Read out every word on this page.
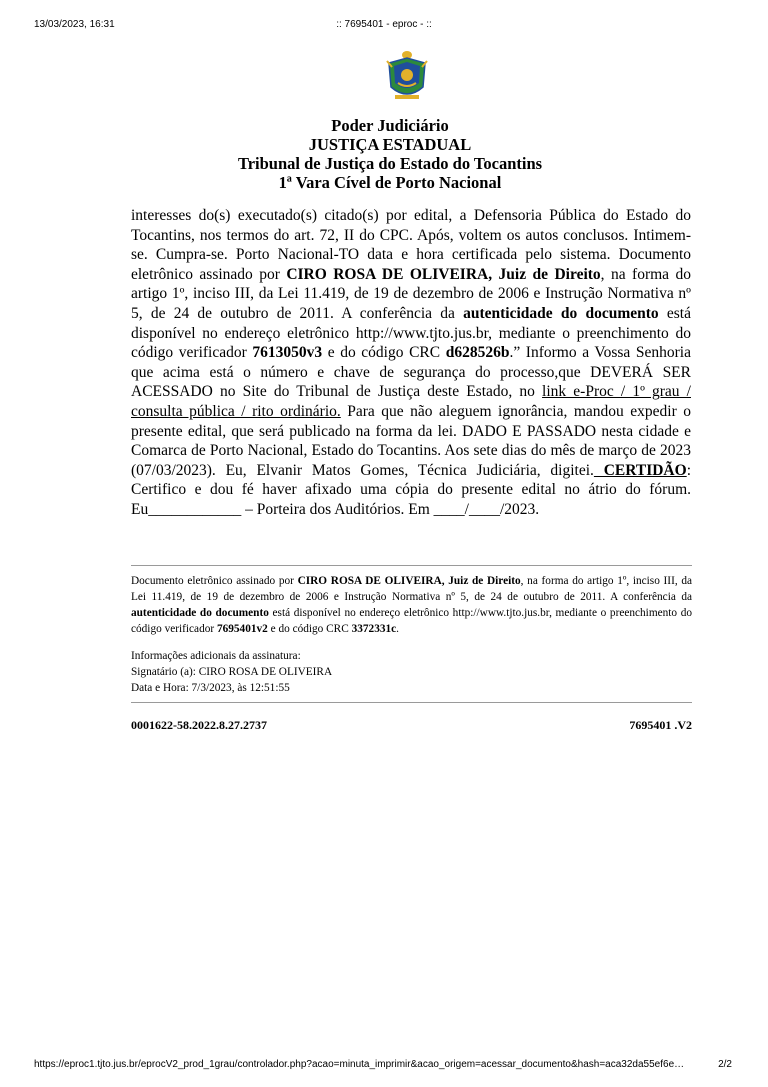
13/03/2023, 16:31	:: 7695401 - eproc - ::
Poder Judiciário
JUSTIÇA ESTADUAL
Tribunal de Justiça do Estado do Tocantins
1ª Vara Cível de Porto Nacional
interesses do(s) executado(s) citado(s) por edital, a Defensoria Pública do Estado do Tocantins, nos termos do art. 72, II do CPC. Após, voltem os autos conclusos. Intimem-se. Cumpra-se. Porto Nacional-TO data e hora certificada pelo sistema. Documento eletrônico assinado por CIRO ROSA DE OLIVEIRA, Juiz de Direito, na forma do artigo 1º, inciso III, da Lei 11.419, de 19 de dezembro de 2006 e Instrução Normativa nº 5, de 24 de outubro de 2011. A conferência da autenticidade do documento está disponível no endereço eletrônico http://www.tjto.jus.br, mediante o preenchimento do código verificador 7613050v3 e do código CRC d628526b.” Informo a Vossa Senhoria que acima está o número e chave de segurança do processo,que DEVERÁ SER ACESSADO no Site do Tribunal de Justiça deste Estado, no link e-Proc / 1º grau / consulta pública / rito ordinário. Para que não aleguem ignorância, mandou expedir o presente edital, que será publicado na forma da lei. DADO E PASSADO nesta cidade e Comarca de Porto Nacional, Estado do Tocantins. Aos sete dias do mês de março de 2023 (07/03/2023). Eu, Elvanir Matos Gomes, Técnica Judiciária, digitei. CERTIDÃO: Certifico e dou fé haver afixado uma cópia do presente edital no átrio do fórum. Eu____________ – Porteira dos Auditórios. Em ____/____/2023.
Documento eletrônico assinado por CIRO ROSA DE OLIVEIRA, Juiz de Direito, na forma do artigo 1º, inciso III, da Lei 11.419, de 19 de dezembro de 2006 e Instrução Normativa nº 5, de 24 de outubro de 2011. A conferência da autenticidade do documento está disponível no endereço eletrônico http://www.tjto.jus.br, mediante o preenchimento do código verificador 7695401v2 e do código CRC 3372331c.
Informações adicionais da assinatura:
Signatário (a): CIRO ROSA DE OLIVEIRA
Data e Hora: 7/3/2023, às 12:51:55
0001622-58.2022.8.27.2737	7695401 .V2
https://eproc1.tjto.jus.br/eprocV2_prod_1grau/controlador.php?acao=minuta_imprimir&acao_origem=acessar_documento&hash=aca32da55ef6e…	2/2
